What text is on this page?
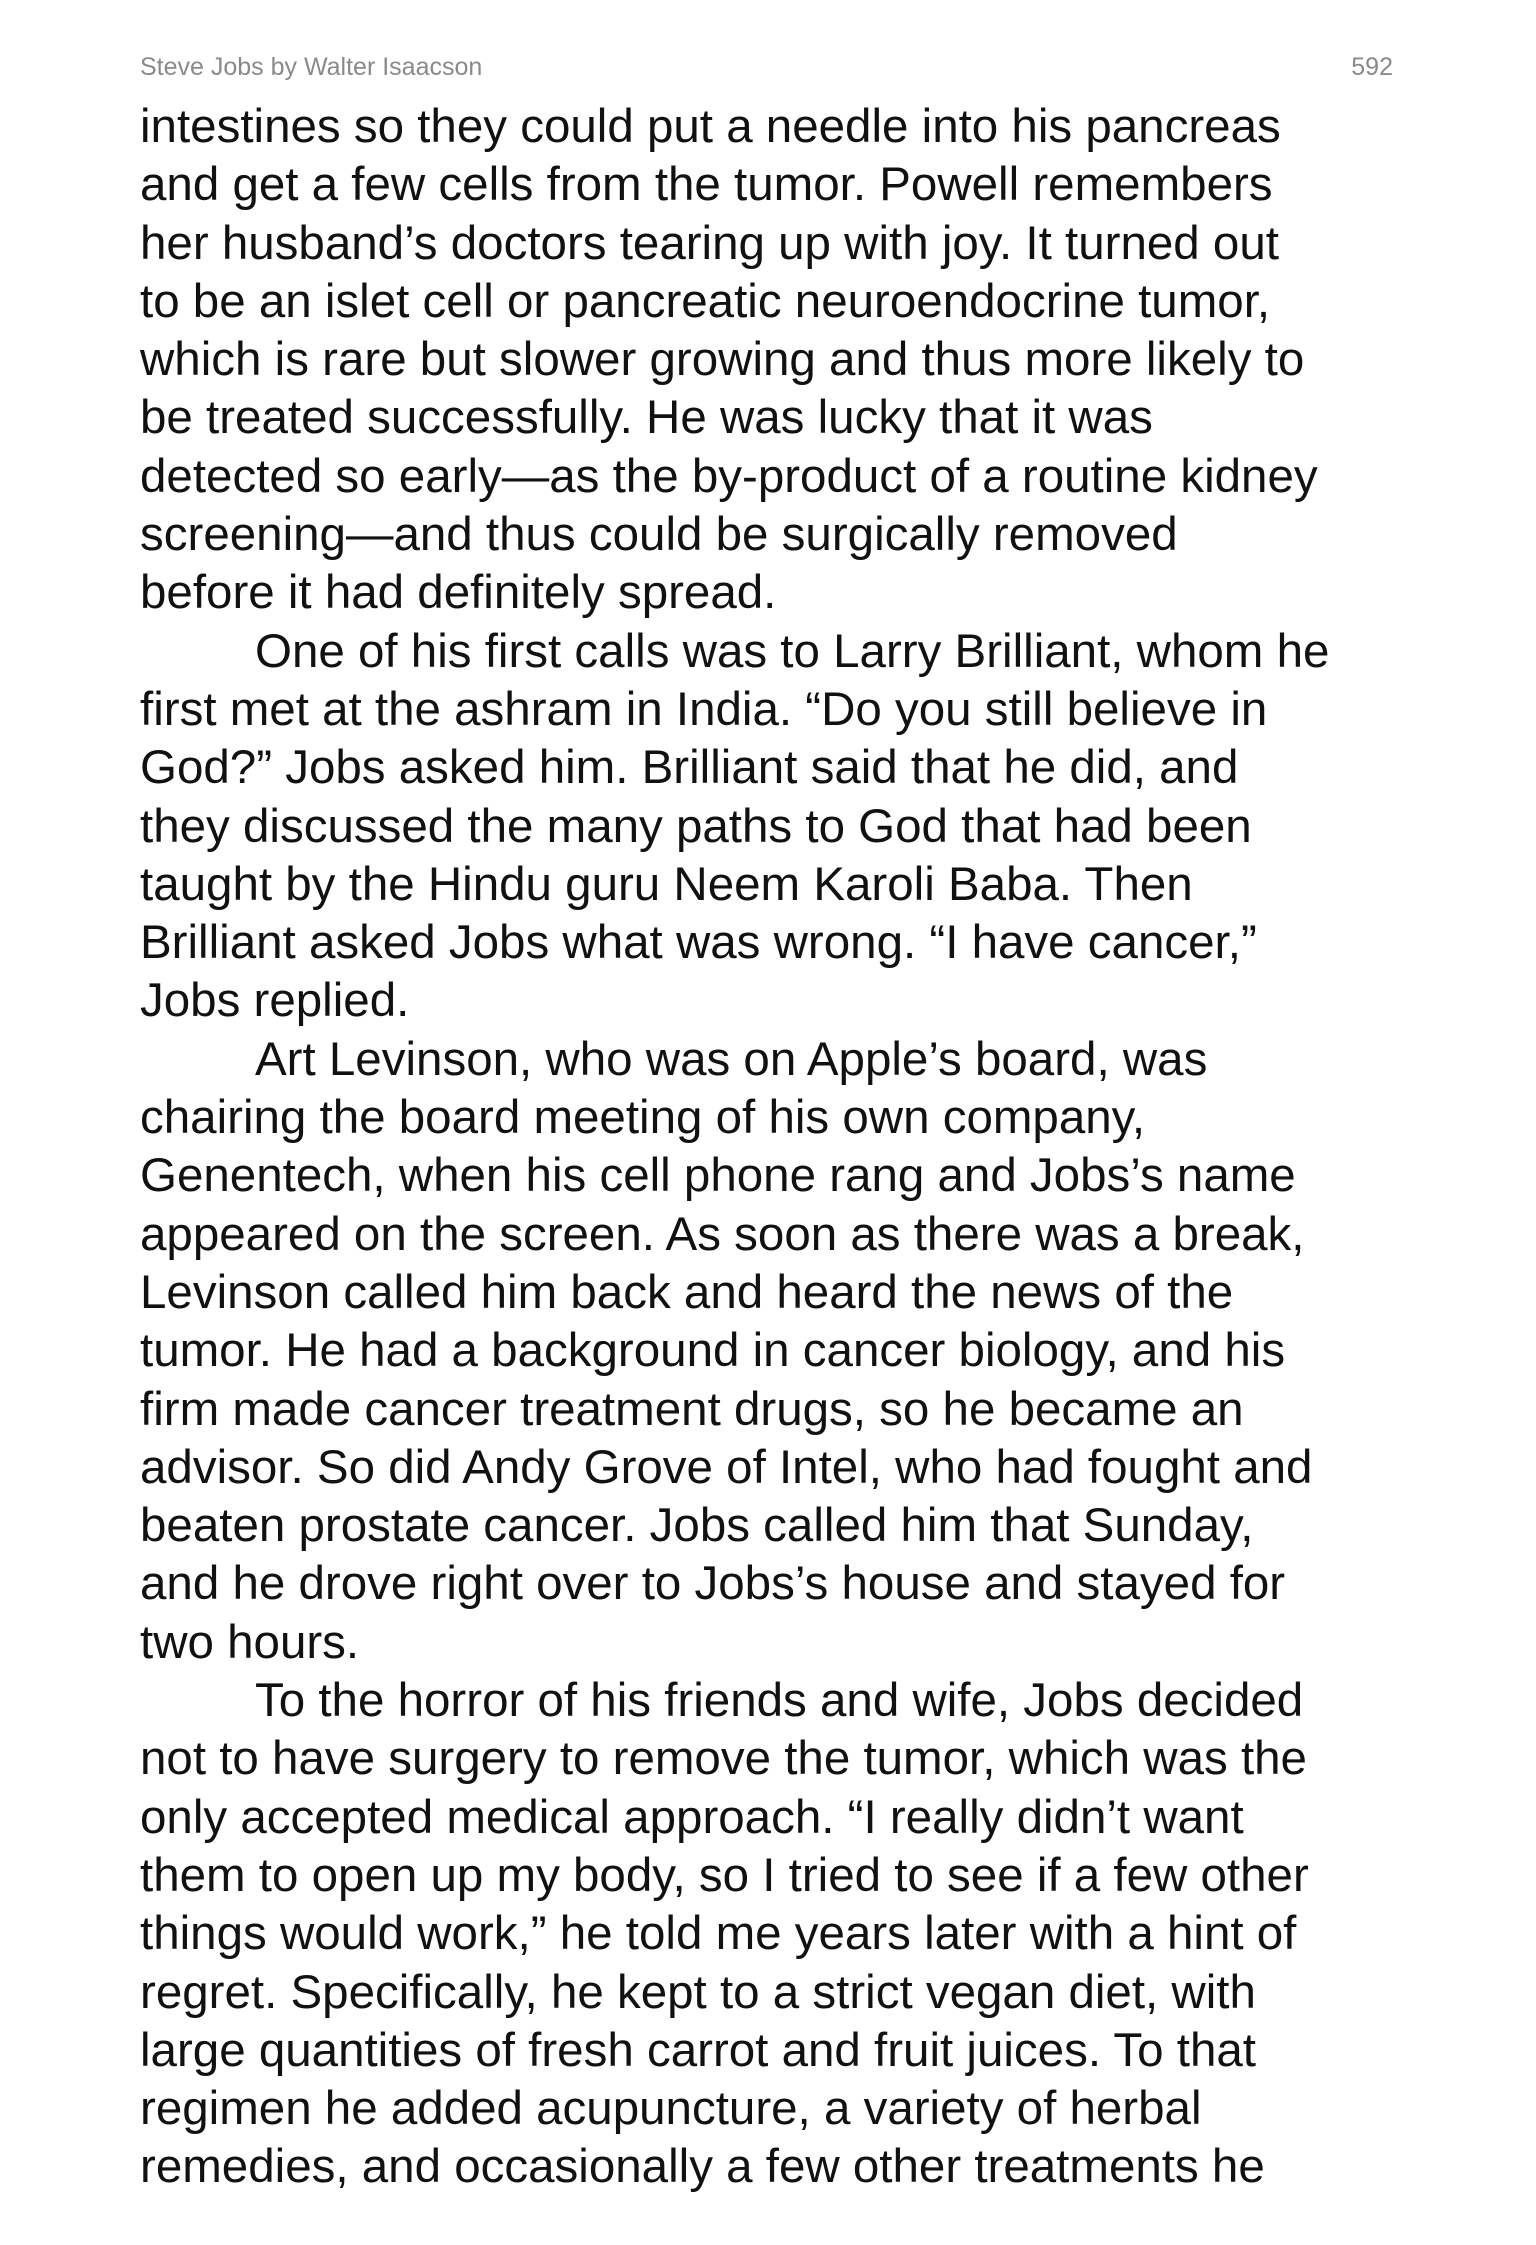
Steve Jobs by Walter Isaacson	592
intestines so they could put a needle into his pancreas
and get a few cells from the tumor. Powell remembers
her husband’s doctors tearing up with joy. It turned out
to be an islet cell or pancreatic neuroendocrine tumor,
which is rare but slower growing and thus more likely to
be treated successfully. He was lucky that it was
detected so early—as the by-product of a routine kidney
screening—and thus could be surgically removed
before it had definitely spread.
One of his first calls was to Larry Brilliant, whom he
first met at the ashram in India. “Do you still believe in
God?” Jobs asked him. Brilliant said that he did, and
they discussed the many paths to God that had been
taught by the Hindu guru Neem Karoli Baba. Then
Brilliant asked Jobs what was wrong. “I have cancer,”
Jobs replied.
Art Levinson, who was on Apple’s board, was
chairing the board meeting of his own company,
Genentech, when his cell phone rang and Jobs’s name
appeared on the screen. As soon as there was a break,
Levinson called him back and heard the news of the
tumor. He had a background in cancer biology, and his
firm made cancer treatment drugs, so he became an
advisor. So did Andy Grove of Intel, who had fought and
beaten prostate cancer. Jobs called him that Sunday,
and he drove right over to Jobs’s house and stayed for
two hours.
To the horror of his friends and wife, Jobs decided
not to have surgery to remove the tumor, which was the
only accepted medical approach. “I really didn’t want
them to open up my body, so I tried to see if a few other
things would work,” he told me years later with a hint of
regret. Specifically, he kept to a strict vegan diet, with
large quantities of fresh carrot and fruit juices. To that
regimen he added acupuncture, a variety of herbal
remedies, and occasionally a few other treatments he
